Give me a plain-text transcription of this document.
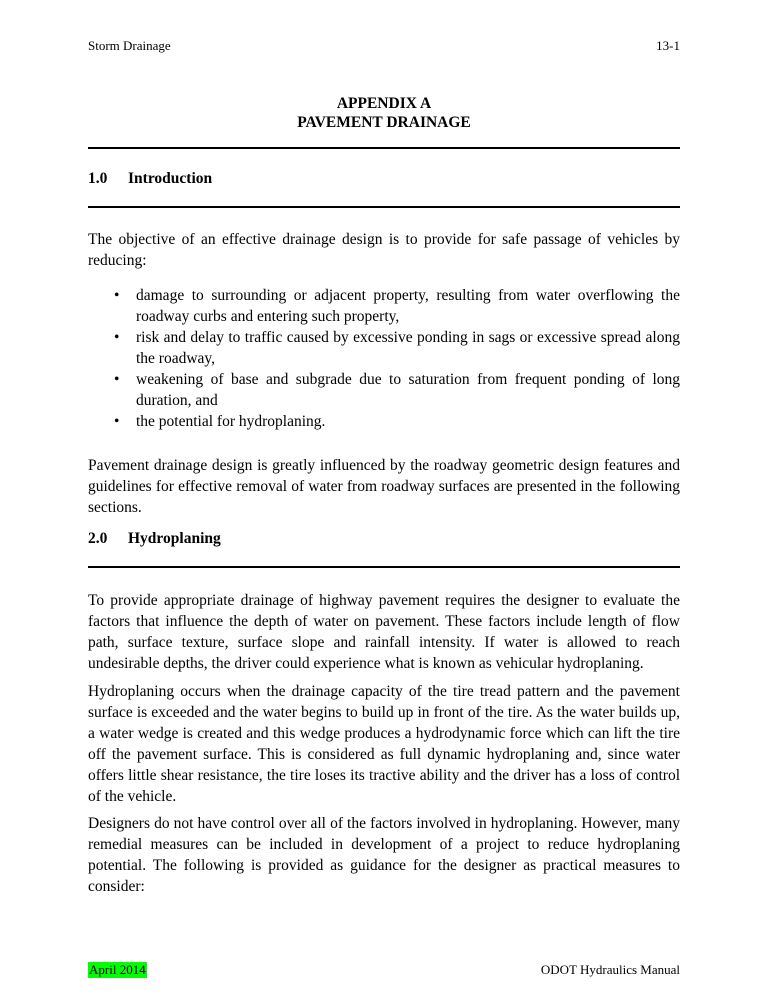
Storm Drainage	13-1
APPENDIX A
PAVEMENT DRAINAGE
1.0 Introduction

The objective of an effective drainage design is to provide for safe passage of vehicles by reducing:

• damage to surrounding or adjacent property, resulting from water overflowing the roadway curbs and entering such property,
• risk and delay to traffic caused by excessive ponding in sags or excessive spread along the roadway,
• weakening of base and subgrade due to saturation from frequent ponding of long duration, and
• the potential for hydroplaning.

Pavement drainage design is greatly influenced by the roadway geometric design features and guidelines for effective removal of water from roadway surfaces are presented in the following sections.

2.0 Hydroplaning

To provide appropriate drainage of highway pavement requires the designer to evaluate the factors that influence the depth of water on pavement. These factors include length of flow path, surface texture, surface slope and rainfall intensity. If water is allowed to reach undesirable depths, the driver could experience what is known as vehicular hydroplaning.

Hydroplaning occurs when the drainage capacity of the tire tread pattern and the pavement surface is exceeded and the water begins to build up in front of the tire. As the water builds up, a water wedge is created and this wedge produces a hydrodynamic force which can lift the tire off the pavement surface. This is considered as full dynamic hydroplaning and, since water offers little shear resistance, the tire loses its tractive ability and the driver has a loss of control of the vehicle.

Designers do not have control over all of the factors involved in hydroplaning. However, many remedial measures can be included in development of a project to reduce hydroplaning potential. The following is provided as guidance for the designer as practical measures to consider:

April 2014	ODOT Hydraulics Manual
